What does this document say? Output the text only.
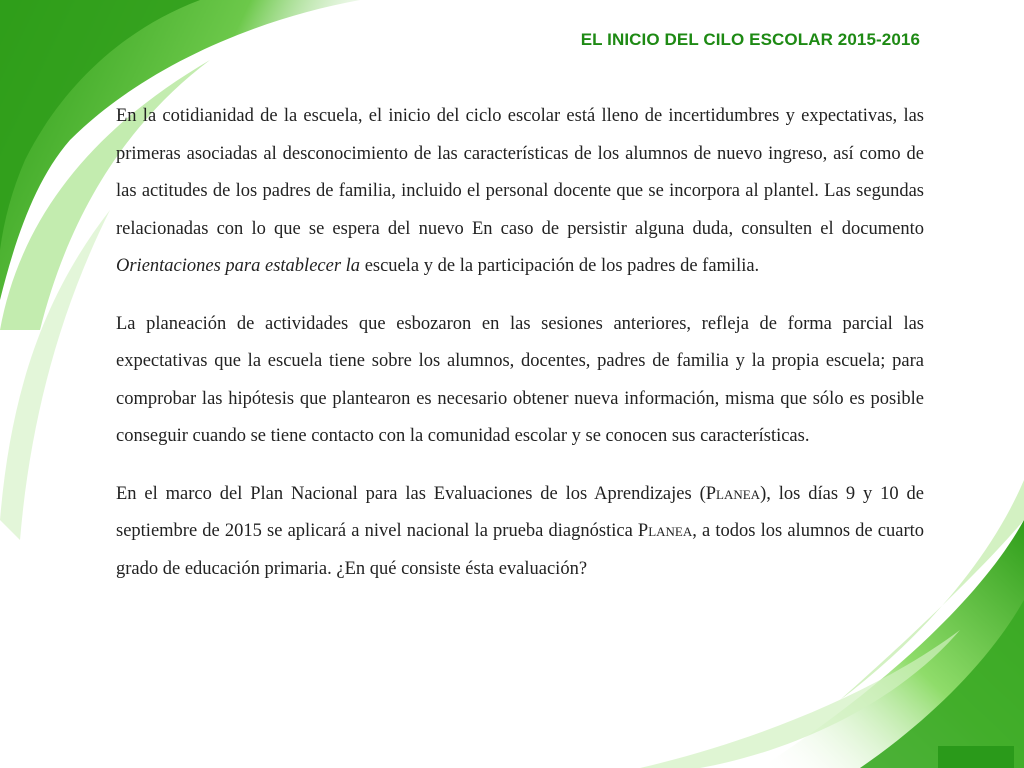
EL INICIO DEL CILO ESCOLAR 2015-2016

En la cotidianidad de la escuela, el inicio del ciclo escolar está lleno de incertidumbres y expectativas, las primeras asociadas al desconocimiento de las características de los alumnos de nuevo ingreso, así como de las actitudes de los padres de familia, incluido el personal docente que se incorpora al plantel. Las segundas relacionadas con lo que se espera del nuevo En caso de persistir alguna duda, consulten el documento Orientaciones para establecer la escuela y de la participación de los padres de familia.

La planeación de actividades que esbozaron en las sesiones anteriores, refleja de forma parcial las expectativas que la escuela tiene sobre los alumnos, docentes, padres de familia y la propia escuela; para comprobar las hipótesis que plantearon es necesario obtener nueva información, misma que sólo es posible conseguir cuando se tiene contacto con la comunidad escolar y se conocen sus características.

En el marco del Plan Nacional para las Evaluaciones de los Aprendizajes (Planea), los días 9 y 10 de septiembre de 2015 se aplicará a nivel nacional la prueba diagnóstica Planea, a todos los alumnos de cuarto grado de educación primaria. ¿En qué consiste ésta evaluación?
